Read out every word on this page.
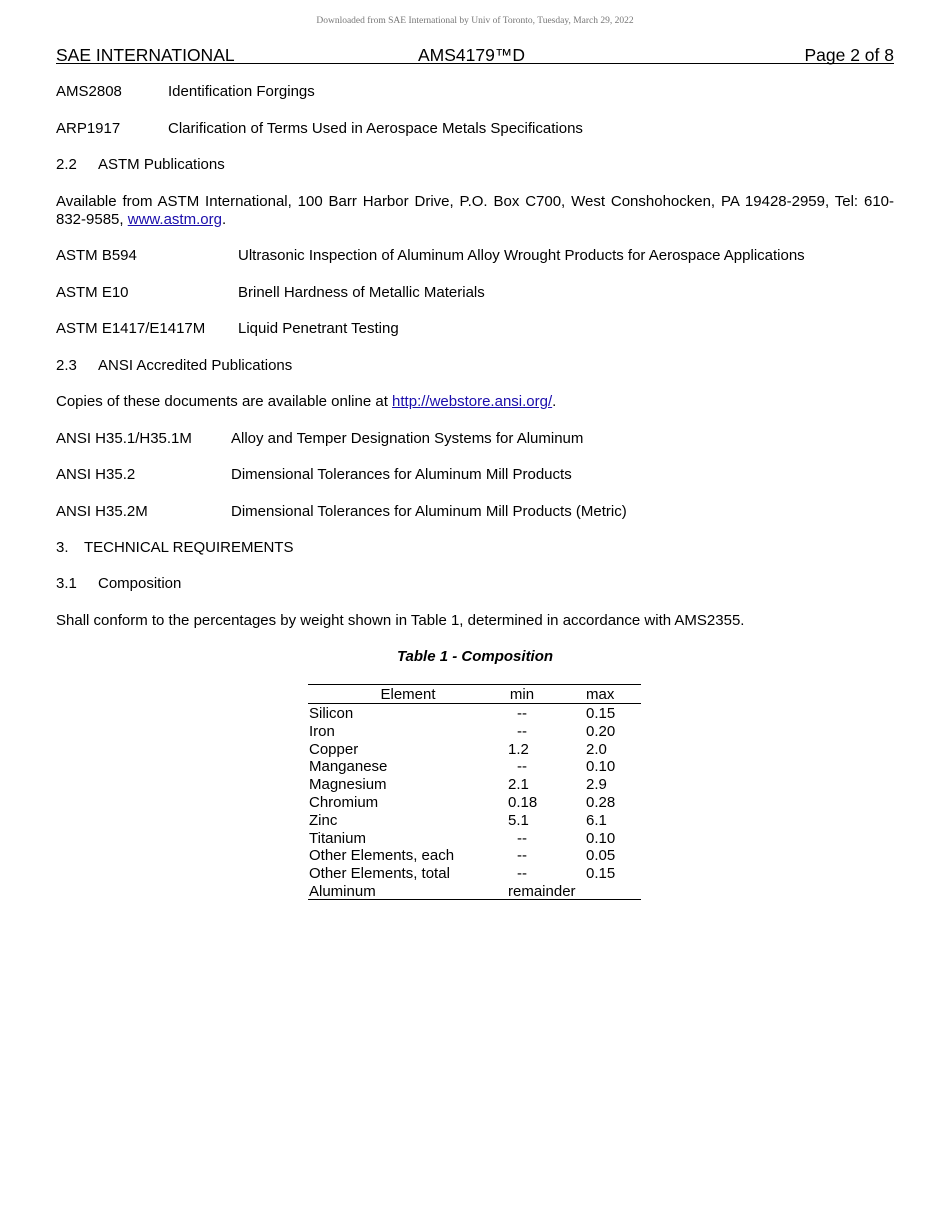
Downloaded from SAE International by Univ of Toronto, Tuesday, March 29, 2022
SAE INTERNATIONAL	AMS4179™D	Page 2 of 8
AMS2808	Identification Forgings
ARP1917	Clarification of Terms Used in Aerospace Metals Specifications
2.2 ASTM Publications
Available from ASTM International, 100 Barr Harbor Drive, P.O. Box C700, West Conshohocken, PA 19428-2959, Tel: 610-832-9585, www.astm.org.
ASTM B594	Ultrasonic Inspection of Aluminum Alloy Wrought Products for Aerospace Applications
ASTM E10	Brinell Hardness of Metallic Materials
ASTM E1417/E1417M Liquid Penetrant Testing
2.3 ANSI Accredited Publications
Copies of these documents are available online at http://webstore.ansi.org/.
ANSI H35.1/H35.1M	Alloy and Temper Designation Systems for Aluminum
ANSI H35.2	Dimensional Tolerances for Aluminum Mill Products
ANSI H35.2M	Dimensional Tolerances for Aluminum Mill Products (Metric)
3. TECHNICAL REQUIREMENTS
3.1 Composition
Shall conform to the percentages by weight shown in Table 1, determined in accordance with AMS2355.
Table 1 - Composition
Element	min	max
Silicon	--	0.15
Iron	--	0.20
Copper	1.2	2.0
Manganese	--	0.10
Magnesium	2.1	2.9
Chromium	0.18	0.28
Zinc	5.1	6.1
Titanium	--	0.10
Other Elements, each	--	0.05
Other Elements, total	--	0.15
Aluminum	remainder
